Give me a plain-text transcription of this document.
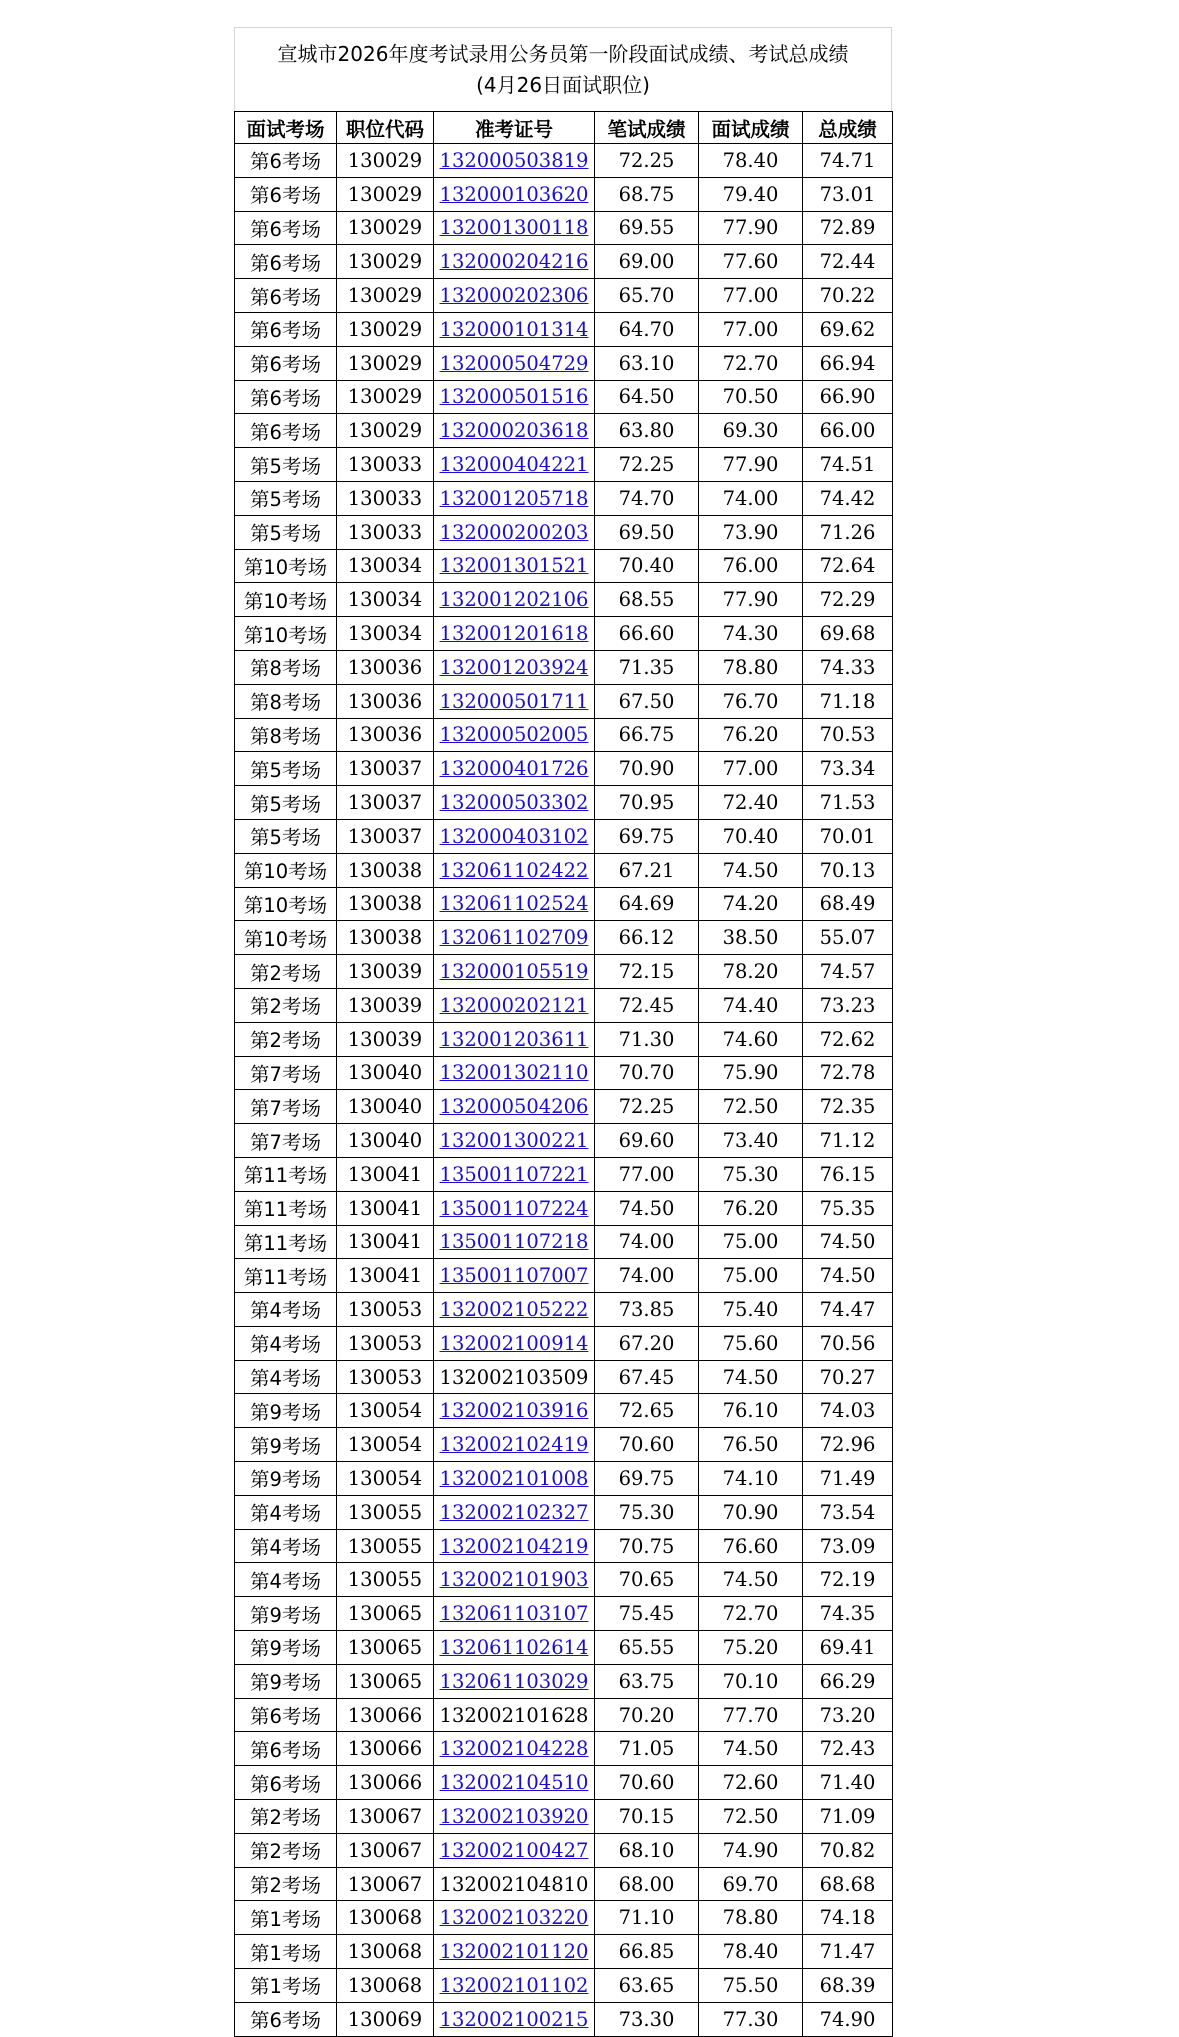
宣城市2026年度考试录用公务员第一阶段面试成绩、考试总成绩
(4月26日面试职位)
面试考场	职位代码	准考证号	笔试成绩	面试成绩	总成绩
第6考场	130029	132000503819	72.25	78.40	74.71
第6考场	130029	132000103620	68.75	79.40	73.01
第6考场	130029	132001300118	69.55	77.90	72.89
第6考场	130029	132000204216	69.00	77.60	72.44
第6考场	130029	132000202306	65.70	77.00	70.22
第6考场	130029	132000101314	64.70	77.00	69.62
第6考场	130029	132000504729	63.10	72.70	66.94
第6考场	130029	132000501516	64.50	70.50	66.90
第6考场	130029	132000203618	63.80	69.30	66.00
第5考场	130033	132000404221	72.25	77.90	74.51
第5考场	130033	132001205718	74.70	74.00	74.42
第5考场	130033	132000200203	69.50	73.90	71.26
第10考场	130034	132001301521	70.40	76.00	72.64
第10考场	130034	132001202106	68.55	77.90	72.29
第10考场	130034	132001201618	66.60	74.30	69.68
第8考场	130036	132001203924	71.35	78.80	74.33
第8考场	130036	132000501711	67.50	76.70	71.18
第8考场	130036	132000502005	66.75	76.20	70.53
第5考场	130037	132000401726	70.90	77.00	73.34
第5考场	130037	132000503302	70.95	72.40	71.53
第5考场	130037	132000403102	69.75	70.40	70.01
第10考场	130038	132061102422	67.21	74.50	70.13
第10考场	130038	132061102524	64.69	74.20	68.49
第10考场	130038	132061102709	66.12	38.50	55.07
第2考场	130039	132000105519	72.15	78.20	74.57
第2考场	130039	132000202121	72.45	74.40	73.23
第2考场	130039	132001203611	71.30	74.60	72.62
第7考场	130040	132001302110	70.70	75.90	72.78
第7考场	130040	132000504206	72.25	72.50	72.35
第7考场	130040	132001300221	69.60	73.40	71.12
第11考场	130041	135001107221	77.00	75.30	76.15
第11考场	130041	135001107224	74.50	76.20	75.35
第11考场	130041	135001107218	74.00	75.00	74.50
第11考场	130041	135001107007	74.00	75.00	74.50
第4考场	130053	132002105222	73.85	75.40	74.47
第4考场	130053	132002100914	67.20	75.60	70.56
第4考场	130053	132002103509	67.45	74.50	70.27
第9考场	130054	132002103916	72.65	76.10	74.03
第9考场	130054	132002102419	70.60	76.50	72.96
第9考场	130054	132002101008	69.75	74.10	71.49
第4考场	130055	132002102327	75.30	70.90	73.54
第4考场	130055	132002104219	70.75	76.60	73.09
第4考场	130055	132002101903	70.65	74.50	72.19
第9考场	130065	132061103107	75.45	72.70	74.35
第9考场	130065	132061102614	65.55	75.20	69.41
第9考场	130065	132061103029	63.75	70.10	66.29
第6考场	130066	132002101628	70.20	77.70	73.20
第6考场	130066	132002104228	71.05	74.50	72.43
第6考场	130066	132002104510	70.60	72.60	71.40
第2考场	130067	132002103920	70.15	72.50	71.09
第2考场	130067	132002100427	68.10	74.90	70.82
第2考场	130067	132002104810	68.00	69.70	68.68
第1考场	130068	132002103220	71.10	78.80	74.18
第1考场	130068	132002101120	66.85	78.40	71.47
第1考场	130068	132002101102	63.65	75.50	68.39
第6考场	130069	132002100215	73.30	77.30	74.90
